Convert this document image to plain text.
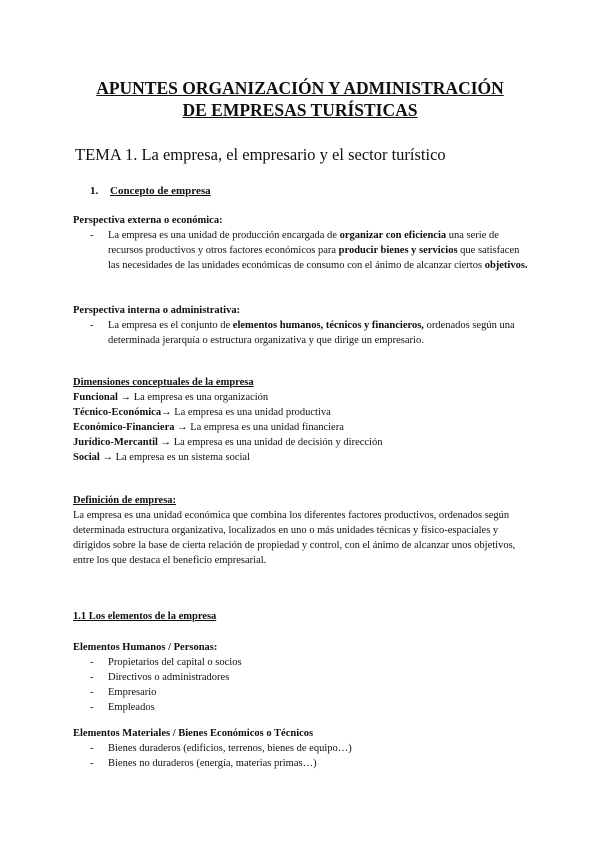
APUNTES ORGANIZACIÓN Y ADMINISTRACIÓN
DE EMPRESAS TURÍSTICAS
TEMA 1. La empresa, el empresario y el sector turístico
1. Concepto de empresa
Perspectiva externa o económica:
- La empresa es una unidad de producción encargada de organizar con eficiencia una serie de recursos productivos y otros factores económicos para producir bienes y servicios que satisfacen las necesidades de las unidades económicas de consumo con el ánimo de alcanzar ciertos objetivos.
Perspectiva interna o administrativa:
- La empresa es el conjunto de elementos humanos, técnicos y financieros, ordenados según una determinada jerarquía o estructura organizativa y que dirige un empresario.
Dimensiones conceptuales de la empresa
Funcional → La empresa es una organización
Técnico-Económica→ La empresa es una unidad productiva
Económico-Financiera → La empresa es una unidad financiera
Jurídico-Mercantil → La empresa es una unidad de decisión y dirección
Social → La empresa es un sistema social
Definición de empresa:
La empresa es una unidad económica que combina los diferentes factores productivos, ordenados según determinada estructura organizativa, localizados en uno o más unidades técnicas y físico-espaciales y dirigidos sobre la base de cierta relación de propiedad y control, con el ánimo de alcanzar unos objetivos, entre los que destaca el beneficio empresarial.
1.1 Los elementos de la empresa
Elementos Humanos / Personas:
- Propietarios del capital o socios
- Directivos o administradores
- Empresario
- Empleados
Elementos Materiales / Bienes Económicos o Técnicos
- Bienes duraderos (edificios, terrenos, bienes de equipo…)
- Bienes no duraderos (energía, materias primas…)
